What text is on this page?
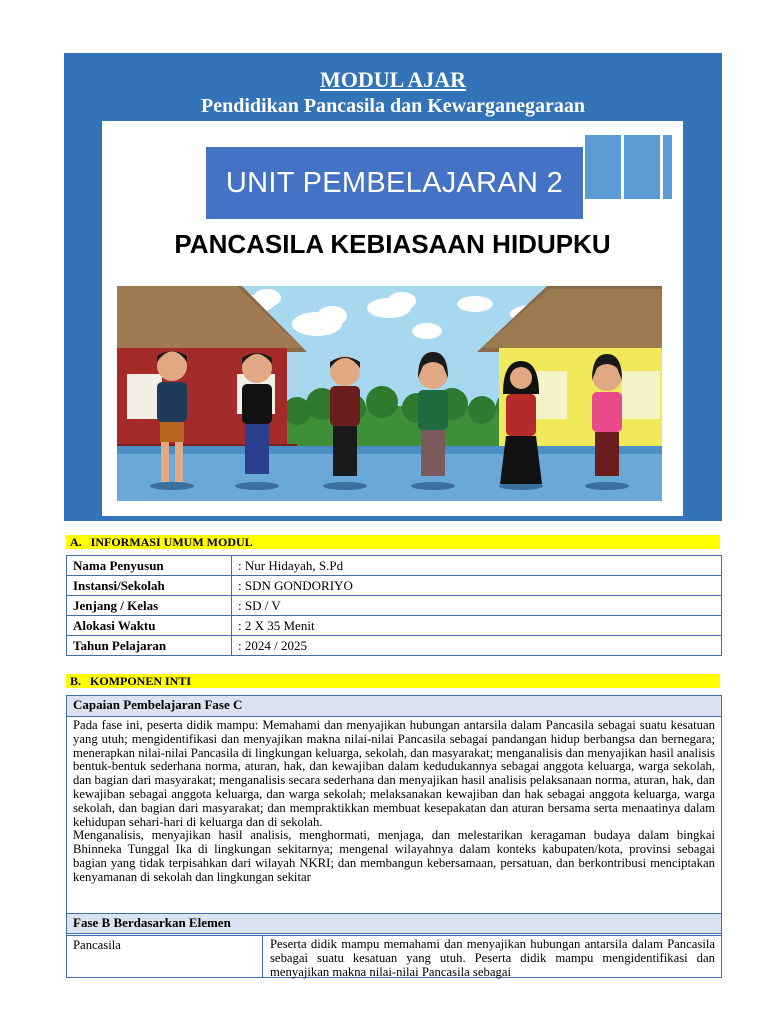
MODUL AJAR
Pendidikan Pancasila dan Kewarganegaraan
UNIT PEMBELAJARAN 2
PANCASILA KEBIASAAN HIDUPKU
A. INFORMASI UMUM MODUL
Nama Penyusun	: Nur Hidayah, S.Pd
Instansi/Sekolah	: SDN GONDORIYO
Jenjang / Kelas	: SD / V
Alokasi Waktu	: 2 X 35 Menit
Tahun Pelajaran	: 2024 / 2025
B. KOMPONEN INTI
Capaian Pembelajaran Fase C

Pada fase ini, peserta didik mampu: Memahami dan menyajikan hubungan antarsila dalam Pancasila sebagai suatu kesatuan yang utuh; mengidentifikasi dan menyajikan makna nilai-nilai Pancasila sebagai pandangan hidup berbangsa dan bernegara; menerapkan nilai-nilai Pancasila di lingkungan keluarga, sekolah, dan masyarakat; menganalisis dan menyajikan hasil analisis bentuk-bentuk sederhana norma, aturan, hak, dan kewajiban dalam kedudukannya sebagai anggota keluarga, warga sekolah, dan bagian dari masyarakat; menganalisis secara sederhana dan menyajikan hasil analisis pelaksanaan norma, aturan, hak, dan kewajiban sebagai anggota keluarga, dan warga sekolah; melaksanakan kewajiban dan hak sebagai anggota keluarga, warga sekolah, dan bagian dari masyarakat; dan mempraktikkan membuat kesepakatan dan aturan bersama serta menaatinya dalam kehidupan sehari-hari di keluarga dan di sekolah.

Menganalisis, menyajikan hasil analisis, menghormati, menjaga, dan melestarikan keragaman budaya dalam bingkai Bhinneka Tunggal Ika di lingkungan sekitarnya; mengenal wilayahnya dalam konteks kabupaten/kota, provinsi sebagai bagian yang tidak terpisahkan dari wilayah NKRI; dan membangun kebersamaan, persatuan, dan berkontribusi menciptakan kenyamanan di sekolah dan lingkungan sekitar

Fase B Berdasarkan Elemen
Pancasila	Peserta didik mampu memahami dan menyajikan hubungan antarsila dalam Pancasila sebagai suatu kesatuan yang utuh. Peserta didik mampu mengidentifikasi dan menyajikan makna nilai-nilai Pancasila sebagai
